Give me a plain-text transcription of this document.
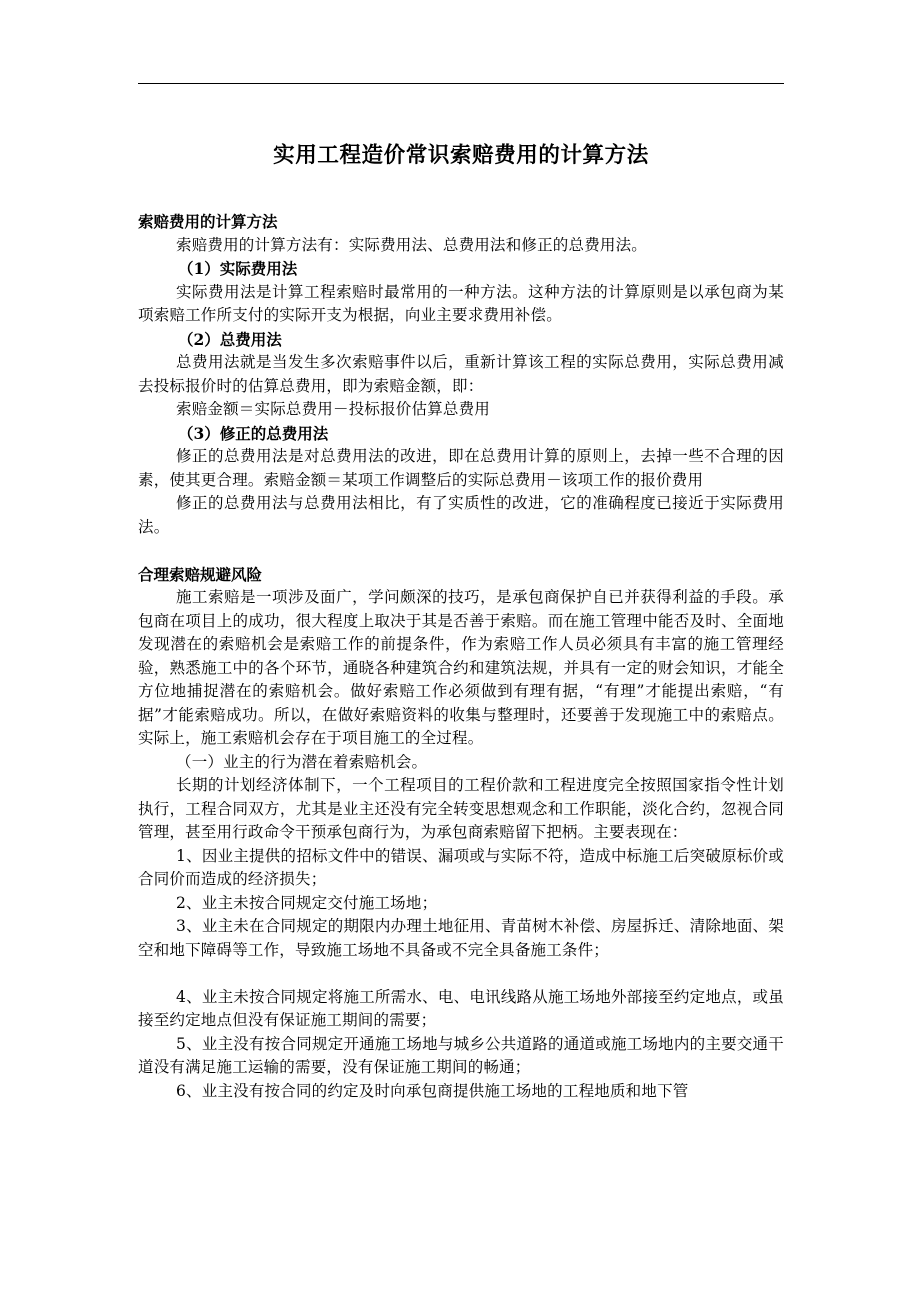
实用工程造价常识索赔费用的计算方法
索赔费用的计算方法

索赔费用的计算方法有：实际费用法、总费用法和修正的总费用法。

（1）实际费用法

实际费用法是计算工程索赔时最常用的一种方法。这种方法的计算原则是以承包商为某项索赔工作所支付的实际开支为根据，向业主要求费用补偿。

（2）总费用法

总费用法就是当发生多次索赔事件以后，重新计算该工程的实际总费用，实际总费用减去投标报价时的估算总费用，即为索赔金额，即：

索赔金额＝实际总费用－投标报价估算总费用

（3）修正的总费用法

修正的总费用法是对总费用法的改进，即在总费用计算的原则上，去掉一些不合理的因素，使其更合理。索赔金额＝某项工作调整后的实际总费用－该项工作的报价费用

修正的总费用法与总费用法相比，有了实质性的改进，它的准确程度已接近于实际费用法。

合理索赔规避风险

施工索赔是一项涉及面广，学问颇深的技巧，是承包商保护自已并获得利益的手段。承包商在项目上的成功，很大程度上取决于其是否善于索赔。而在施工管理中能否及时、全面地发现潜在的索赔机会是索赔工作的前提条件，作为索赔工作人员必须具有丰富的施工管理经验，熟悉施工中的各个环节，通晓各种建筑合约和建筑法规，并具有一定的财会知识，才能全方位地捕捉潜在的索赔机会。做好索赔工作必须做到有理有据，“有理”才能提出索赔，“有据”才能索赔成功。所以，在做好索赔资料的收集与整理时，还要善于发现施工中的索赔点。实际上，施工索赔机会存在于项目施工的全过程。

（一）业主的行为潜在着索赔机会。

长期的计划经济体制下，一个工程项目的工程价款和工程进度完全按照国家指令性计划执行，工程合同双方，尤其是业主还没有完全转变思想观念和工作职能，淡化合约，忽视合同管理，甚至用行政命令干预承包商行为，为承包商索赔留下把柄。主要表现在：

1、因业主提供的招标文件中的错误、漏项或与实际不符，造成中标施工后突破原标价或合同价而造成的经济损失；

2、业主未按合同规定交付施工场地；

3、业主未在合同规定的期限内办理土地征用、青苗树木补偿、房屋拆迁、清除地面、架空和地下障碍等工作，导致施工场地不具备或不完全具备施工条件；

4、业主未按合同规定将施工所需水、电、电讯线路从施工场地外部接至约定地点，或虽接至约定地点但没有保证施工期间的需要；

5、业主没有按合同规定开通施工场地与城乡公共道路的通道或施工场地内的主要交通干道没有满足施工运输的需要，没有保证施工期间的畅通；

6、业主没有按合同的约定及时向承包商提供施工场地的工程地质和地下管
